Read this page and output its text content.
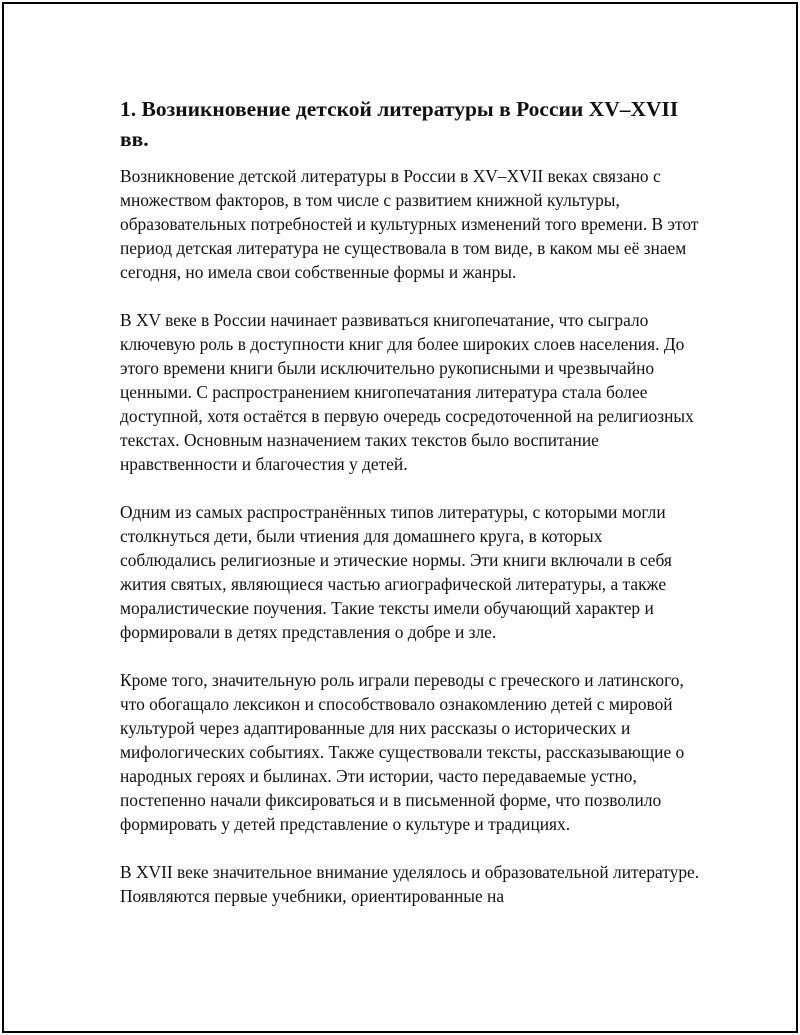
1. Возникновение детской литературы в России XV–XVII вв.

Возникновение детской литературы в России в XV–XVII веках связано с множеством факторов, в том числе с развитием книжной культуры, образовательных потребностей и культурных изменений того времени. В этот период детская литература не существовала в том виде, в каком мы её знаем сегодня, но имела свои собственные формы и жанры.

В XV веке в России начинает развиваться книгопечатание, что сыграло ключевую роль в доступности книг для более широких слоев населения. До этого времени книги были исключительно рукописными и чрезвычайно ценными. С распространением книгопечатания литература стала более доступной, хотя остаётся в первую очередь сосредоточенной на религиозных текстах. Основным назначением таких текстов было воспитание нравственности и благочестия у детей.

Одним из самых распространённых типов литературы, с которыми могли столкнуться дети, были чтиения для домашнего круга, в которых соблюдались религиозные и этические нормы. Эти книги включали в себя жития святых, являющиеся частью агиографической литературы, а также моралистические поучения. Такие тексты имели обучающий характер и формировали в детях представления о добре и зле.

Кроме того, значительную роль играли переводы с греческого и латинского, что обогащало лексикон и способствовало ознакомлению детей с мировой культурой через адаптированные для них рассказы о исторических и мифологических событиях. Также существовали тексты, рассказывающие о народных героях и былинах. Эти истории, часто передаваемые устно, постепенно начали фиксироваться и в письменной форме, что позволило формировать у детей представление о культуре и традициях.

В XVII веке значительное внимание уделялось и образовательной литературе. Появляются первые учебники, ориентированные на
